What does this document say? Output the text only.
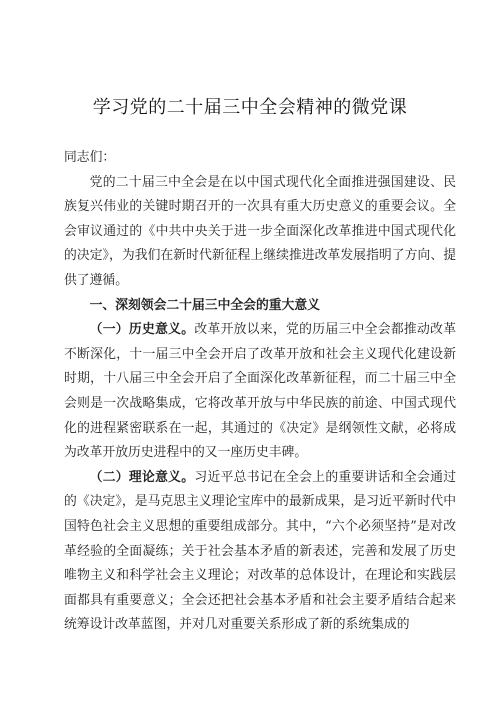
学习党的二十届三中全会精神的微党课

同志们：

党的二十届三中全会是在以中国式现代化全面推进强国建设、民族复兴伟业的关键时期召开的一次具有重大历史意义的重要会议。全会审议通过的《中共中央关于进一步全面深化改革推进中国式现代化的决定》，为我们在新时代新征程上继续推进改革发展指明了方向、提供了遵循。

一、深刻领会二十届三中全会的重大意义

（一）历史意义。改革开放以来，党的历届三中全会都推动改革不断深化，十一届三中全会开启了改革开放和社会主义现代化建设新时期，十八届三中全会开启了全面深化改革新征程，而二十届三中全会则是一次战略集成，它将改革开放与中华民族的前途、中国式现代化的进程紧密联系在一起，其通过的《决定》是纲领性文献，必将成为改革开放历史进程中的又一座历史丰碑。

（二）理论意义。习近平总书记在全会上的重要讲话和全会通过的《决定》，是马克思主义理论宝库中的最新成果，是习近平新时代中国特色社会主义思想的重要组成部分。其中，“六个必须坚持”是对改革经验的全面凝练；关于社会基本矛盾的新表述，完善和发展了历史唯物主义和科学社会主义理论；对改革的总体设计，在理论和实践层面都具有重要意义；全会还把社会基本矛盾和社会主要矛盾结合起来统筹设计改革蓝图，并对几对重要关系形成了新的系统集成的
